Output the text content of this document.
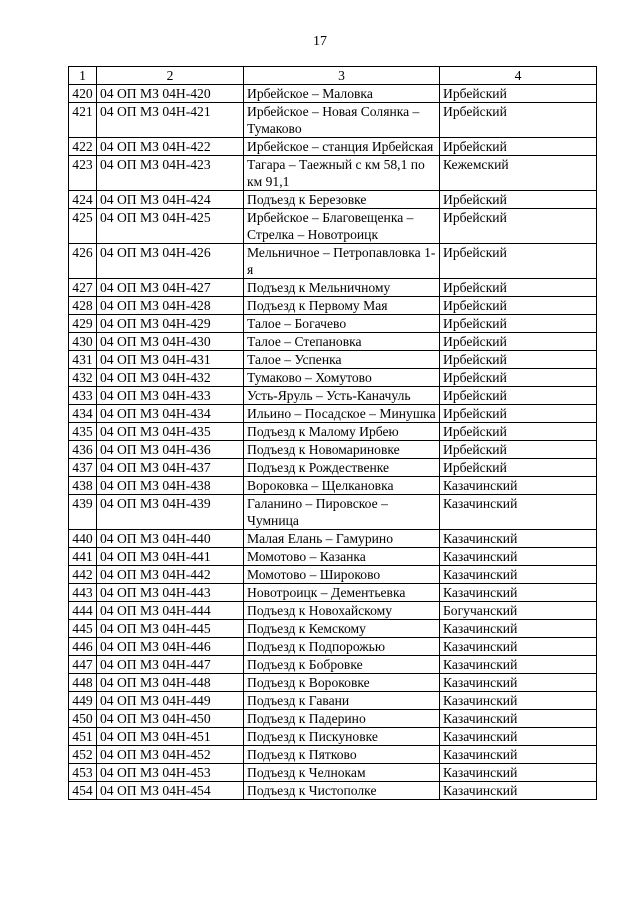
17
1	2	3	4
420	04 ОП МЗ 04Н-420	Ирбейское – Маловка	Ирбейский
421	04 ОП МЗ 04Н-421	Ирбейское – Новая Солянка – Тумаково	Ирбейский
422	04 ОП МЗ 04Н-422	Ирбейское – станция Ирбейская	Ирбейский
423	04 ОП МЗ 04Н-423	Тагара – Таежный с км 58,1 по км 91,1	Кежемский
424	04 ОП МЗ 04Н-424	Подъезд к Березовке	Ирбейский
425	04 ОП МЗ 04Н-425	Ирбейское – Благовещенка – Стрелка – Новотроицк	Ирбейский
426	04 ОП МЗ 04Н-426	Мельничное – Петропавловка 1-я	Ирбейский
427	04 ОП МЗ 04Н-427	Подъезд к Мельничному	Ирбейский
428	04 ОП МЗ 04Н-428	Подъезд к Первому Мая	Ирбейский
429	04 ОП МЗ 04Н-429	Талое – Богачево	Ирбейский
430	04 ОП МЗ 04Н-430	Талое – Степановка	Ирбейский
431	04 ОП МЗ 04Н-431	Талое – Успенка	Ирбейский
432	04 ОП МЗ 04Н-432	Тумаково – Хомутово	Ирбейский
433	04 ОП МЗ 04Н-433	Усть-Яруль – Усть-Каначуль	Ирбейский
434	04 ОП МЗ 04Н-434	Ильино – Посадское – Минушка	Ирбейский
435	04 ОП МЗ 04Н-435	Подъезд к Малому Ирбею	Ирбейский
436	04 ОП МЗ 04Н-436	Подъезд к Новомариновке	Ирбейский
437	04 ОП МЗ 04Н-437	Подъезд к Рождественке	Ирбейский
438	04 ОП МЗ 04Н-438	Вороковка – Щелкановка	Казачинский
439	04 ОП МЗ 04Н-439	Галанино – Пировское – Чумница	Казачинский
440	04 ОП МЗ 04Н-440	Малая Елань – Гамурино	Казачинский
441	04 ОП МЗ 04Н-441	Момотово – Казанка	Казачинский
442	04 ОП МЗ 04Н-442	Момотово – Широково	Казачинский
443	04 ОП МЗ 04Н-443	Новотроицк – Дементьевка	Казачинский
444	04 ОП МЗ 04Н-444	Подъезд к Новохайскому	Богучанский
445	04 ОП МЗ 04Н-445	Подъезд к Кемскому	Казачинский
446	04 ОП МЗ 04Н-446	Подъезд к Подпорожью	Казачинский
447	04 ОП МЗ 04Н-447	Подъезд к Бобровке	Казачинский
448	04 ОП МЗ 04Н-448	Подъезд к Вороковке	Казачинский
449	04 ОП МЗ 04Н-449	Подъезд к Гавани	Казачинский
450	04 ОП МЗ 04Н-450	Подъезд к Падерино	Казачинский
451	04 ОП МЗ 04Н-451	Подъезд к Пискуновке	Казачинский
452	04 ОП МЗ 04Н-452	Подъезд к Пятково	Казачинский
453	04 ОП МЗ 04Н-453	Подъезд к Челнокам	Казачинский
454	04 ОП МЗ 04Н-454	Подъезд к Чистополке	Казачинский
